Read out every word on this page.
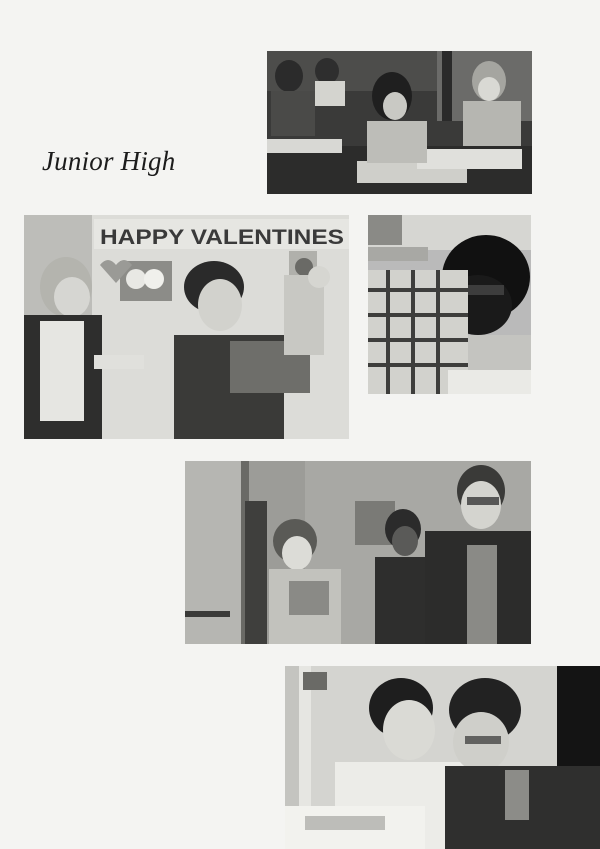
Junior High
HAPPY VALENTINES
